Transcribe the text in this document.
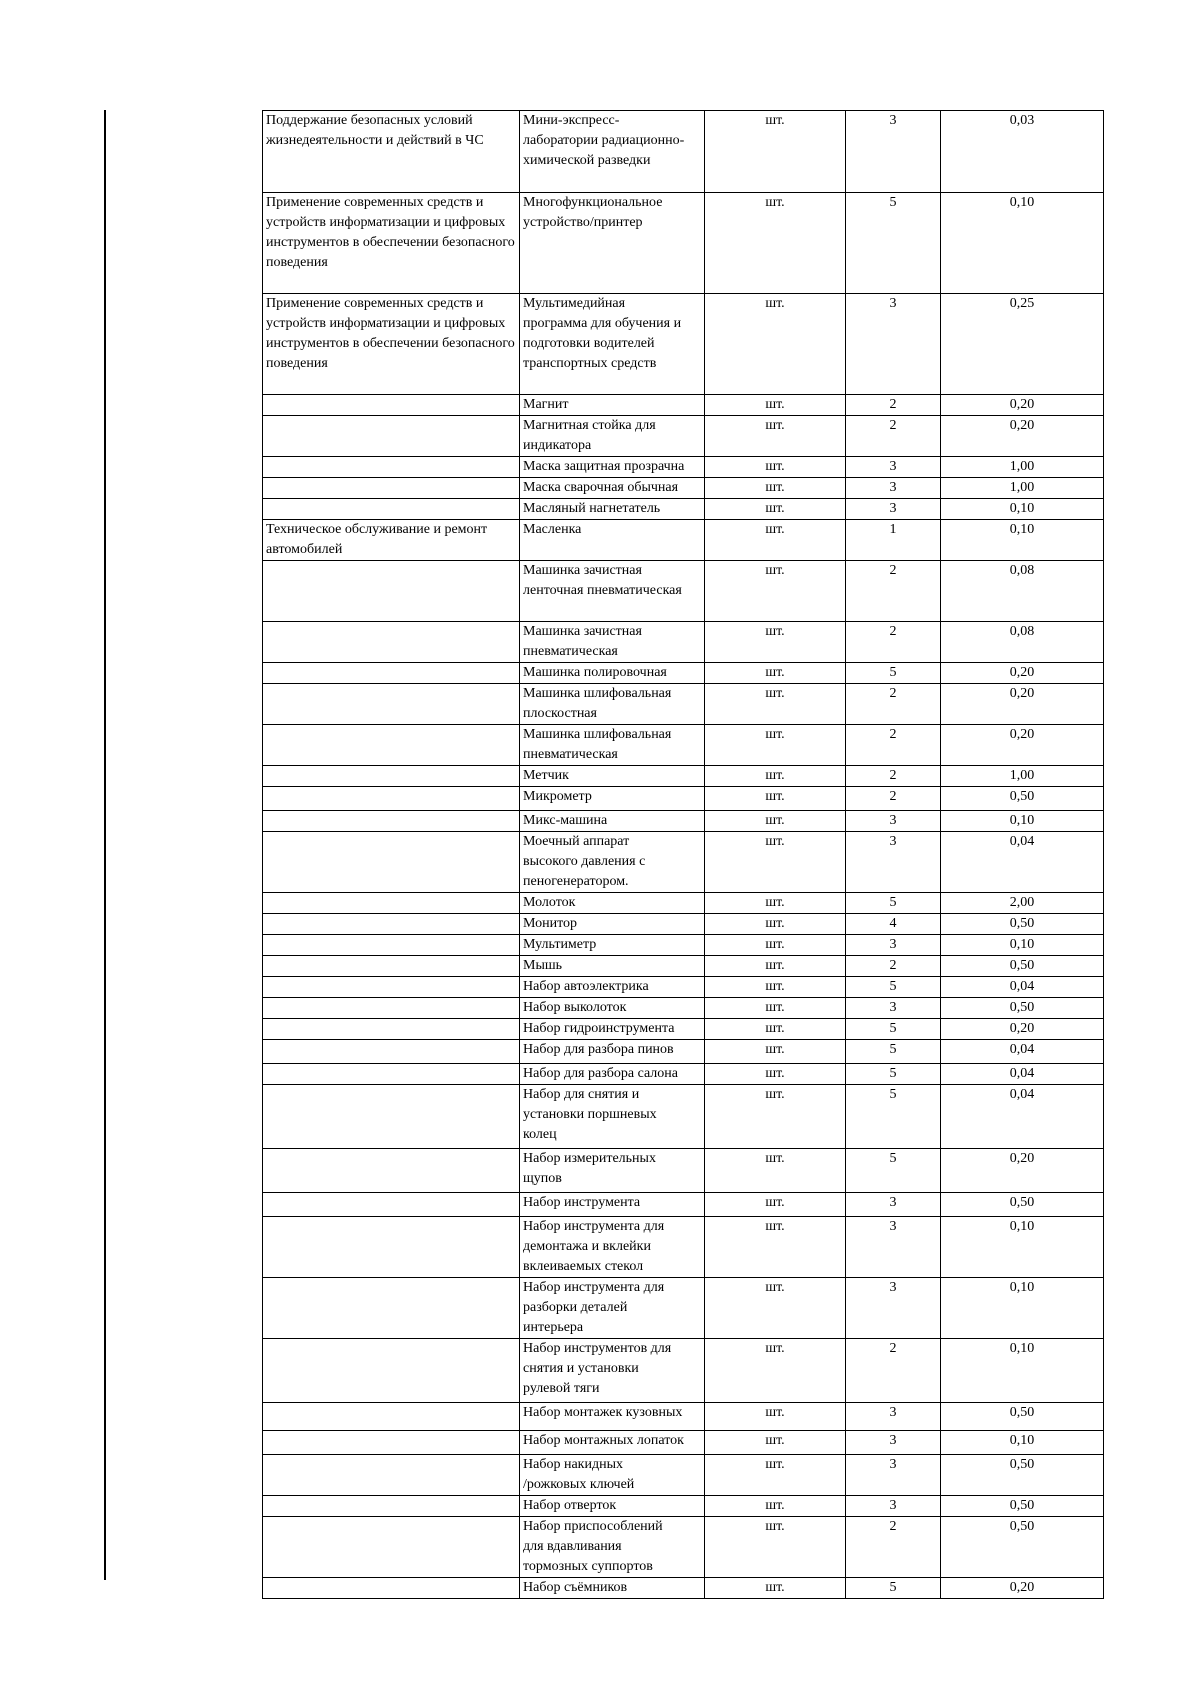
Поддержание безопасных условий жизнедеятельности и действий в ЧС	Мини-экспресс-
лаборатории радиационно-
химической разведки	шт.	3	0,03
Применение современных средств и устройств информатизации и цифровых инструментов в обеспечении безопасного поведения	Многофункциональное
устройство/принтер	шт.	5	0,10
Применение современных средств и устройств информатизации и цифровых инструментов в обеспечении безопасного поведения	Мультимедийная
программа для обучения и
подготовки водителей
транспортных средств	шт.	3	0,25
	Магнит	шт.	2	0,20
	Магнитная стойка для
индикатора	шт.	2	0,20
	Маска защитная прозрачна	шт.	3	1,00
	Маска сварочная обычная	шт.	3	1,00
	Масляный нагнетатель	шт.	3	0,10
Техническое обслуживание и ремонт автомобилей	Масленка	шт.	1	0,10
	Машинка зачистная
ленточная пневматическая	шт.	2	0,08
	Машинка зачистная
пневматическая	шт.	2	0,08
	Машинка полировочная	шт.	5	0,20
	Машинка шлифовальная
плоскостная	шт.	2	0,20
	Машинка шлифовальная
пневматическая	шт.	2	0,20
	Метчик	шт.	2	1,00
	Микрометр	шт.	2	0,50
	Микс-машина	шт.	3	0,10
	Моечный аппарат
высокого давления с
пеногенератором.	шт.	3	0,04
	Молоток	шт.	5	2,00
	Монитор	шт.	4	0,50
	Мультиметр	шт.	3	0,10
	Мышь	шт.	2	0,50
	Набор автоэлектрика	шт.	5	0,04
	Набор выколоток	шт.	3	0,50
	Набор гидроинструмента	шт.	5	0,20
	Набор для разбора пинов	шт.	5	0,04
	Набор для разбора салона	шт.	5	0,04
	Набор для снятия и
установки поршневых
колец	шт.	5	0,04
	Набор измерительных
щупов	шт.	5	0,20
	Набор инструмента	шт.	3	0,50
	Набор инструмента для
демонтажа и вклейки
вклеиваемых стекол	шт.	3	0,10
	Набор инструмента для
разборки деталей
интерьера	шт.	3	0,10
	Набор инструментов для
снятия и установки
рулевой тяги	шт.	2	0,10
	Набор монтажек кузовных	шт.	3	0,50
	Набор монтажных лопаток	шт.	3	0,10
	Набор накидных
/рожковых ключей	шт.	3	0,50
	Набор отверток	шт.	3	0,50
	Набор приспособлений
для вдавливания
тормозных суппортов	шт.	2	0,50
	Набор съёмников	шт.	5	0,20
